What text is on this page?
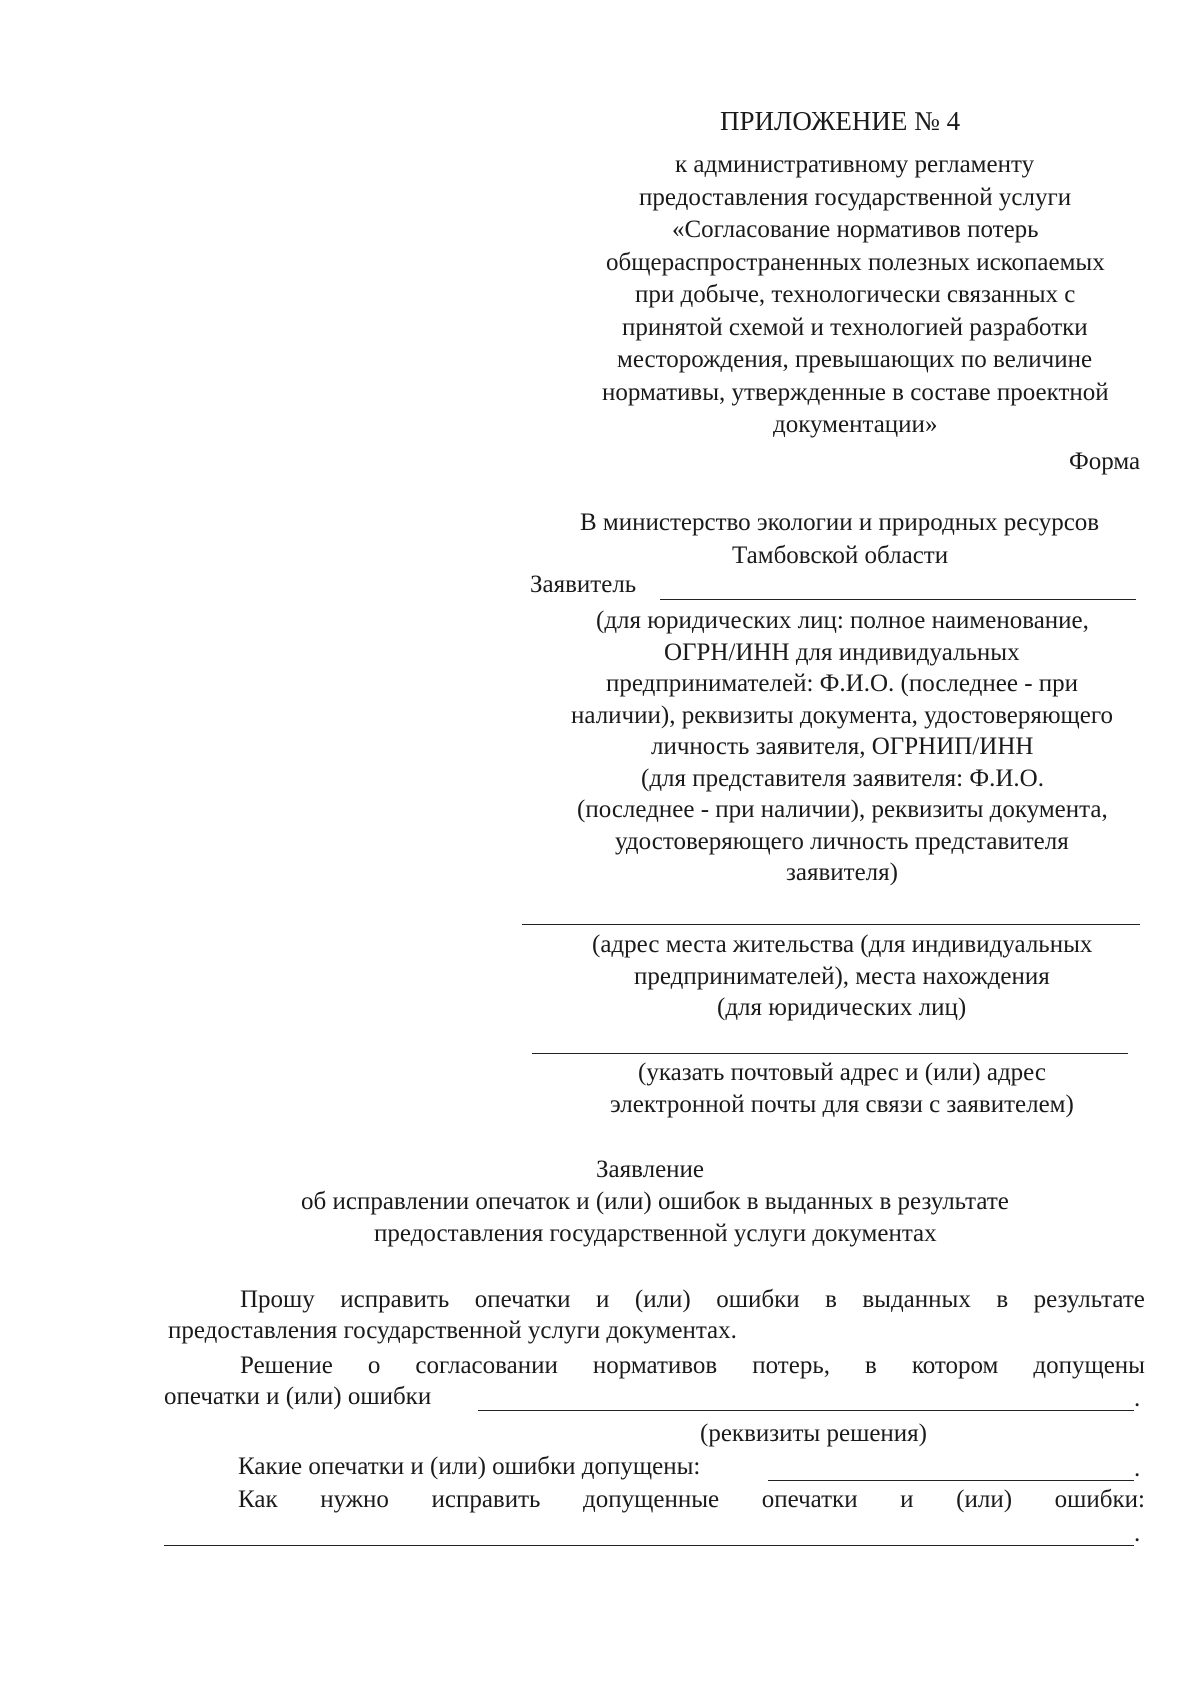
ПРИЛОЖЕНИЕ № 4
к административному регламенту
предоставления государственной услуги
«Согласование нормативов потерь
общераспространенных полезных ископаемых
при добыче, технологически связанных с
принятой схемой и технологией разработки
месторождения, превышающих по величине
нормативы, утвержденные в составе проектной
документации»
Форма
В министерство экологии и природных ресурсов
Тамбовской области
Заявитель
(для юридических лиц: полное наименование,
ОГРН/ИНН для индивидуальных
предпринимателей: Ф.И.О. (последнее - при
наличии), реквизиты документа, удостоверяющего
личность заявителя, ОГРНИП/ИНН
(для представителя заявителя: Ф.И.О.
(последнее - при наличии), реквизиты документа,
удостоверяющего личность представителя
заявителя)
(адрес места жительства (для индивидуальных
предпринимателей), места нахождения
(для юридических лиц)
(указать почтовый адрес и (или) адрес
электронной почты для связи с заявителем)
Заявление
об исправлении опечаток и (или) ошибок в выданных в результате
предоставления государственной услуги документах
Прошу исправить опечатки и (или) ошибки в выданных в результате
предоставления государственной услуги документах.
Решение о согласовании нормативов потерь, в котором допущены
опечатки и (или) ошибки	.
(реквизиты решения)
Какие опечатки и (или) ошибки допущены:	.
Как нужно исправить допущенные опечатки и (или) ошибки:
.
